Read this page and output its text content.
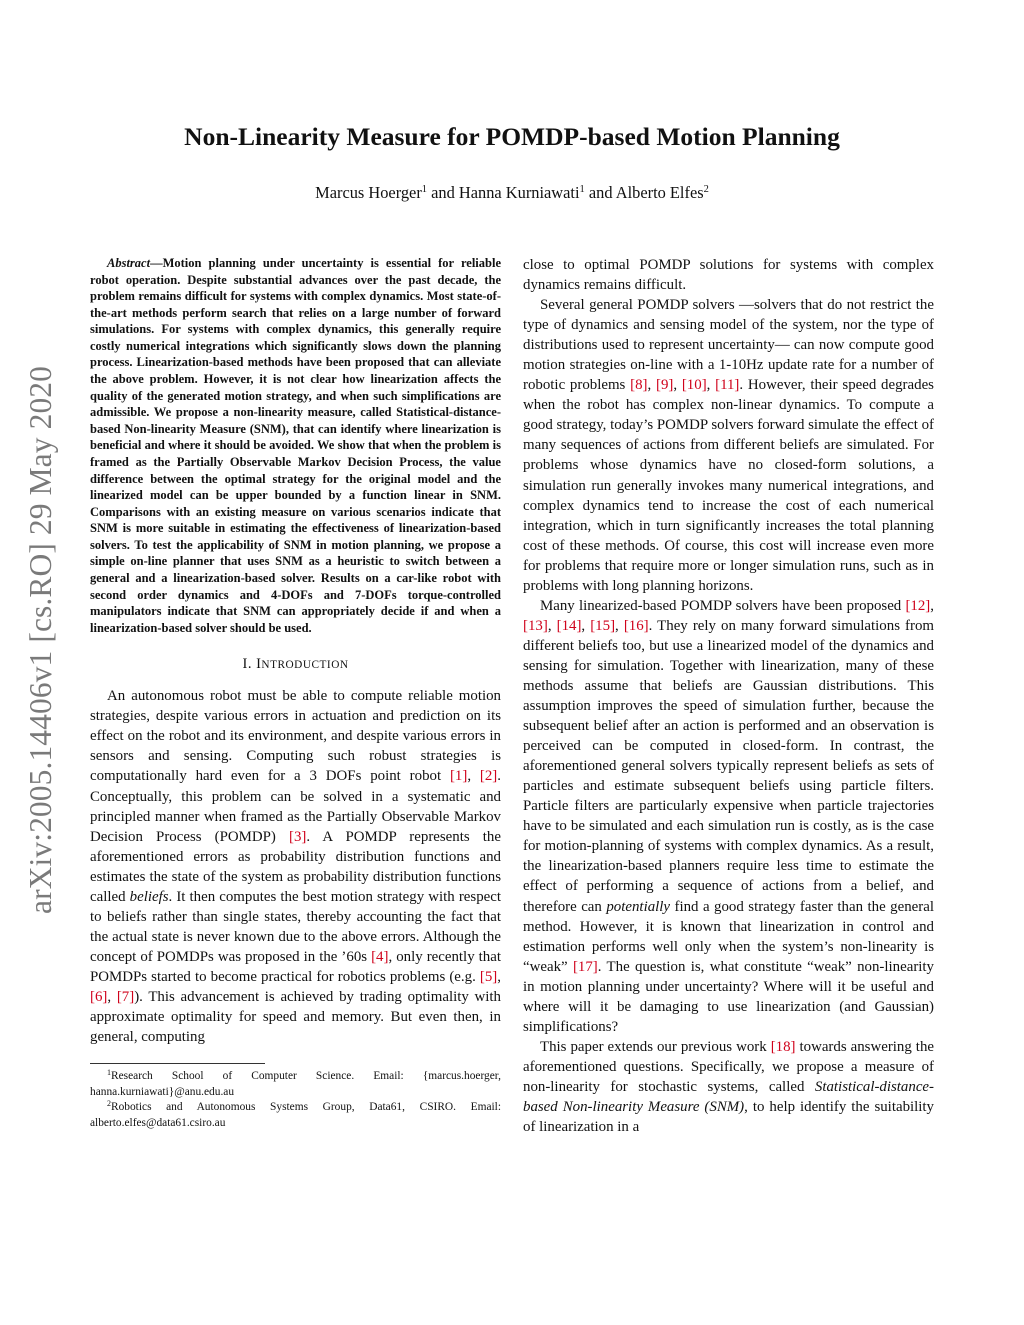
arXiv:2005.14406v1 [cs.RO] 29 May 2020
Non-Linearity Measure for POMDP-based Motion Planning
Marcus Hoerger$^1$ and Hanna Kurniawati$^1$ and Alberto Elfes$^2$

Abstract—Motion planning under uncertainty is essential for reliable robot operation. Despite substantial advances over the past decade, the problem remains difficult for systems with complex dynamics. Most state-of-the-art methods perform search that relies on a large number of forward simulations. For systems with complex dynamics, this generally require costly numerical integrations which significantly slows down the planning process. Linearization-based methods have been proposed that can alleviate the above problem. However, it is not clear how linearization affects the quality of the generated motion strategy, and when such simplifications are admissible. We propose a non-linearity measure, called Statistical-distance-based Non-linearity Measure (SNM), that can identify where linearization is beneficial and where it should be avoided. We show that when the problem is framed as the Partially Observable Markov Decision Process, the value difference between the optimal strategy for the original model and the linearized model can be upper bounded by a function linear in SNM. Comparisons with an existing measure on various scenarios indicate that SNM is more suitable in estimating the effectiveness of linearization-based solvers. To test the applicability of SNM in motion planning, we propose a simple on-line planner that uses SNM as a heuristic to switch between a general and a linearization-based solver. Results on a car-like robot with second order dynamics and 4-DOFs and 7-DOFs torque-controlled manipulators indicate that SNM can appropriately decide if and when a linearization-based solver should be used.

I. INTRODUCTION

An autonomous robot must be able to compute reliable motion strategies, despite various errors in actuation and prediction on its effect on the robot and its environment, and despite various errors in sensors and sensing. Computing such robust strategies is computationally hard even for a 3 DOFs point robot [1], [2]. Conceptually, this problem can be solved in a systematic and principled manner when framed as the Partially Observable Markov Decision Process (POMDP) [3]. A POMDP represents the aforementioned errors as probability distribution functions and estimates the state of the system as probability distribution functions called beliefs. It then computes the best motion strategy with respect to beliefs rather than single states, thereby accounting the fact that the actual state is never known due to the above errors. Although the concept of POMDPs was proposed in the ’60s [4], only recently that POMDPs started to become practical for robotics problems (e.g. [5], [6], [7]). This advancement is achieved by trading optimality with approximate optimality for speed and memory. But even then, in general, computing

$^1$Research School of Computer Science. Email: {marcus.hoerger, hanna.kurniawati}@anu.edu.au

$^2$Robotics and Autonomous Systems Group, Data61, CSIRO. Email: alberto.elfes@data61.csiro.au

close to optimal POMDP solutions for systems with complex dynamics remains difficult.

Several general POMDP solvers —solvers that do not restrict the type of dynamics and sensing model of the system, nor the type of distributions used to represent uncertainty— can now compute good motion strategies on-line with a 1-10Hz update rate for a number of robotic problems [8], [9], [10], [11]. However, their speed degrades when the robot has complex non-linear dynamics. To compute a good strategy, today’s POMDP solvers forward simulate the effect of many sequences of actions from different beliefs are simulated. For problems whose dynamics have no closed-form solutions, a simulation run generally invokes many numerical integrations, and complex dynamics tend to increase the cost of each numerical integration, which in turn significantly increases the total planning cost of these methods. Of course, this cost will increase even more for problems that require more or longer simulation runs, such as in problems with long planning horizons.

Many linearized-based POMDP solvers have been proposed [12], [13], [14], [15], [16]. They rely on many forward simulations from different beliefs too, but use a linearized model of the dynamics and sensing for simulation. Together with linearization, many of these methods assume that beliefs are Gaussian distributions. This assumption improves the speed of simulation further, because the subsequent belief after an action is performed and an observation is perceived can be computed in closed-form. In contrast, the aforementioned general solvers typically represent beliefs as sets of particles and estimate subsequent beliefs using particle filters. Particle filters are particularly expensive when particle trajectories have to be simulated and each simulation run is costly, as is the case for motion-planning of systems with complex dynamics. As a result, the linearization-based planners require less time to estimate the effect of performing a sequence of actions from a belief, and therefore can potentially find a good strategy faster than the general method. However, it is known that linearization in control and estimation performs well only when the system’s non-linearity is “weak” [17]. The question is, what constitute “weak” non-linearity in motion planning under uncertainty? Where will it be useful and where will it be damaging to use linearization (and Gaussian) simplifications?

This paper extends our previous work [18] towards answering the aforementioned questions. Specifically, we propose a measure of non-linearity for stochastic systems, called Statistical-distance-based Non-linearity Measure (SNM), to help identify the suitability of linearization in a
